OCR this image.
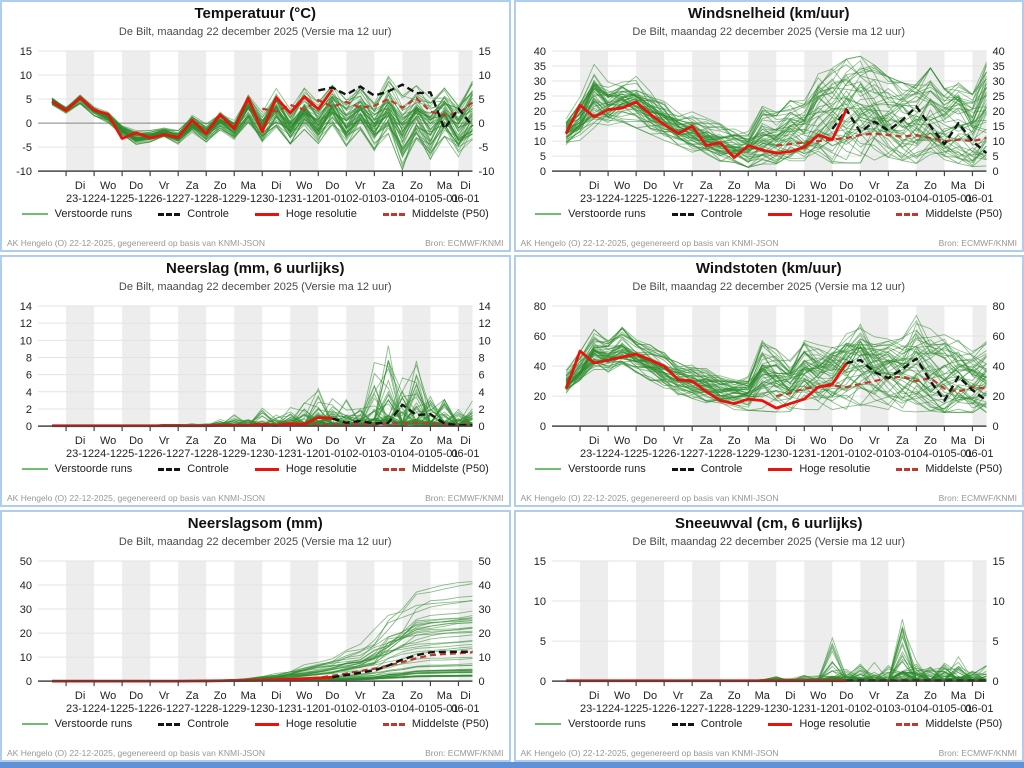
Temperatuur (°C)
De Bilt, maandag 22 december 2025 (Versie ma 12 uur)
-10	-10
-5	-5
0	0
5	5
10	10
15	15
Di
23-12
Wo
24-12
Do
25-12
Vr
26-12
Za
27-12
Zo
28-12
Ma
29-12
Di
30-12
Wo
31-12
Do
01-01
Vr
02-01
Za
03-01
Zo
04-01
Ma
05-01
Di
06-01
Verstoorde runs	Controle	Hoge resolutie	Middelste (P50)
AK Hengelo (O) 22-12-2025, gegenereerd op basis van KNMI-JSON	Bron: ECMWF/KNMI
Windsnelheid (km/uur)
De Bilt, maandag 22 december 2025 (Versie ma 12 uur)
0	0
5	5
10	10
15	15
20	20
25	25
30	30
35	35
40	40
Di
23-12
Wo
24-12
Do
25-12
Vr
26-12
Za
27-12
Zo
28-12
Ma
29-12
Di
30-12
Wo
31-12
Do
01-01
Vr
02-01
Za
03-01
Zo
04-01
Ma
05-01
Di
06-01
Verstoorde runs	Controle	Hoge resolutie	Middelste (P50)
AK Hengelo (O) 22-12-2025, gegenereerd op basis van KNMI-JSON	Bron: ECMWF/KNMI
Neerslag (mm, 6 uurlijks)
De Bilt, maandag 22 december 2025 (Versie ma 12 uur)
0	0
2	2
4	4
6	6
8	8
10	10
12	12
14	14
Di
23-12
Wo
24-12
Do
25-12
Vr
26-12
Za
27-12
Zo
28-12
Ma
29-12
Di
30-12
Wo
31-12
Do
01-01
Vr
02-01
Za
03-01
Zo
04-01
Ma
05-01
Di
06-01
Verstoorde runs	Controle	Hoge resolutie	Middelste (P50)
AK Hengelo (O) 22-12-2025, gegenereerd op basis van KNMI-JSON	Bron: ECMWF/KNMI
Windstoten (km/uur)
De Bilt, maandag 22 december 2025 (Versie ma 12 uur)
0	0
20	20
40	40
60	60
80	80
Di
23-12
Wo
24-12
Do
25-12
Vr
26-12
Za
27-12
Zo
28-12
Ma
29-12
Di
30-12
Wo
31-12
Do
01-01
Vr
02-01
Za
03-01
Zo
04-01
Ma
05-01
Di
06-01
Verstoorde runs	Controle	Hoge resolutie	Middelste (P50)
AK Hengelo (O) 22-12-2025, gegenereerd op basis van KNMI-JSON	Bron: ECMWF/KNMI
Neerslagsom (mm)
De Bilt, maandag 22 december 2025 (Versie ma 12 uur)
0	0
10	10
20	20
30	30
40	40
50	50
Di
23-12
Wo
24-12
Do
25-12
Vr
26-12
Za
27-12
Zo
28-12
Ma
29-12
Di
30-12
Wo
31-12
Do
01-01
Vr
02-01
Za
03-01
Zo
04-01
Ma
05-01
Di
06-01
Verstoorde runs	Controle	Hoge resolutie	Middelste (P50)
AK Hengelo (O) 22-12-2025, gegenereerd op basis van KNMI-JSON	Bron: ECMWF/KNMI
Sneeuwval (cm, 6 uurlijks)
De Bilt, maandag 22 december 2025 (Versie ma 12 uur)
0	0
5	5
10	10
15	15
Di
23-12
Wo
24-12
Do
25-12
Vr
26-12
Za
27-12
Zo
28-12
Ma
29-12
Di
30-12
Wo
31-12
Do
01-01
Vr
02-01
Za
03-01
Zo
04-01
Ma
05-01
Di
06-01
Verstoorde runs	Controle	Hoge resolutie	Middelste (P50)
AK Hengelo (O) 22-12-2025, gegenereerd op basis van KNMI-JSON	Bron: ECMWF/KNMI
